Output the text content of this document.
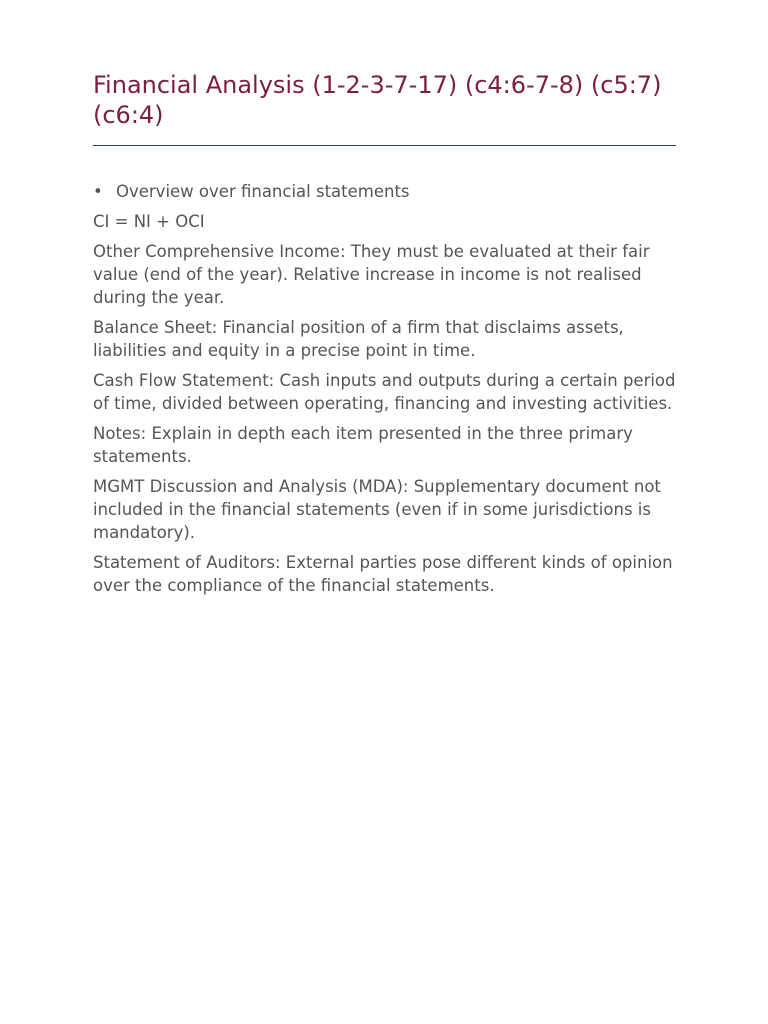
Financial Analysis (1-2-3-7-17) (c4:6-7-8) (c5:7) (c6:4)
• Overview over financial statements

CI = NI + OCI

Other Comprehensive Income: They must be evaluated at their fair value (end of the year). Relative increase in income is not realised during the year.

Balance Sheet: Financial position of a firm that disclaims assets, liabilities and equity in a precise point in time.

Cash Flow Statement: Cash inputs and outputs during a certain period of time, divided between operating, financing and investing activities.

Notes: Explain in depth each item presented in the three primary statements.

MGMT Discussion and Analysis (MDA): Supplementary document not included in the financial statements (even if in some jurisdictions is mandatory).

Statement of Auditors: External parties pose different kinds of opinion over the compliance of the financial statements.
